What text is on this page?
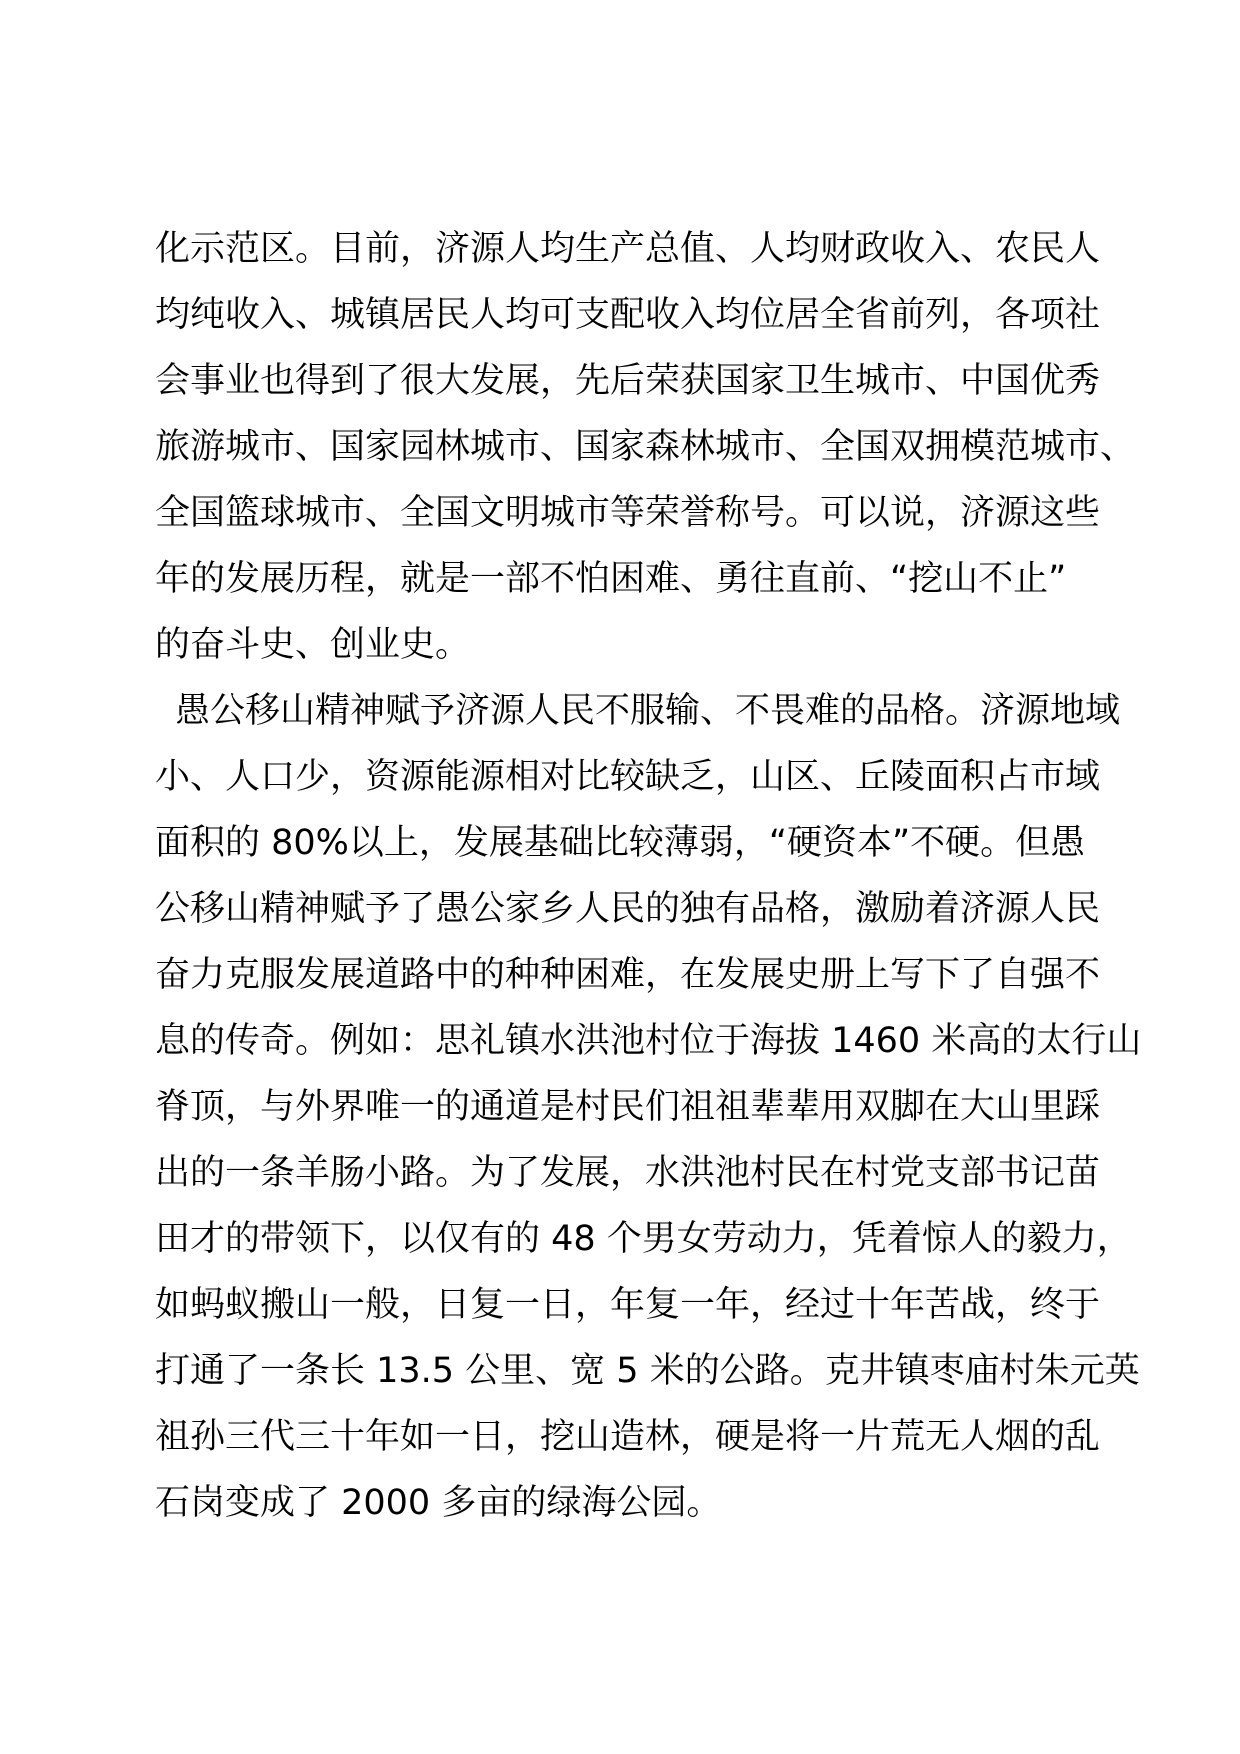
化示范区。目前，济源人均生产总值、人均财政收入、农民人
均纯收入、城镇居民人均可支配收入均位居全省前列，各项社
会事业也得到了很大发展，先后荣获国家卫生城市、中国优秀
旅游城市、国家园林城市、国家森林城市、全国双拥模范城市、
全国篮球城市、全国文明城市等荣誉称号。可以说，济源这些
年的发展历程，就是一部不怕困难、勇往直前、“挖山不止”
的奋斗史、创业史。
愚公移山精神赋予济源人民不服输、不畏难的品格。济源地域
小、人口少，资源能源相对比较缺乏，山区、丘陵面积占市域
面积的 80%以上，发展基础比较薄弱，“硬资本”不硬。但愚
公移山精神赋予了愚公家乡人民的独有品格，激励着济源人民
奋力克服发展道路中的种种困难，在发展史册上写下了自强不
息的传奇。例如：思礼镇水洪池村位于海拔 1460 米高的太行山
脊顶，与外界唯一的通道是村民们祖祖辈辈用双脚在大山里踩
出的一条羊肠小路。为了发展，水洪池村民在村党支部书记苗
田才的带领下，以仅有的 48 个男女劳动力，凭着惊人的毅力，
如蚂蚁搬山一般，日复一日，年复一年，经过十年苦战，终于
打通了一条长 13.5 公里、宽 5 米的公路。克井镇枣庙村朱元英
祖孙三代三十年如一日，挖山造林，硬是将一片荒无人烟的乱
石岗变成了 2000 多亩的绿海公园。
